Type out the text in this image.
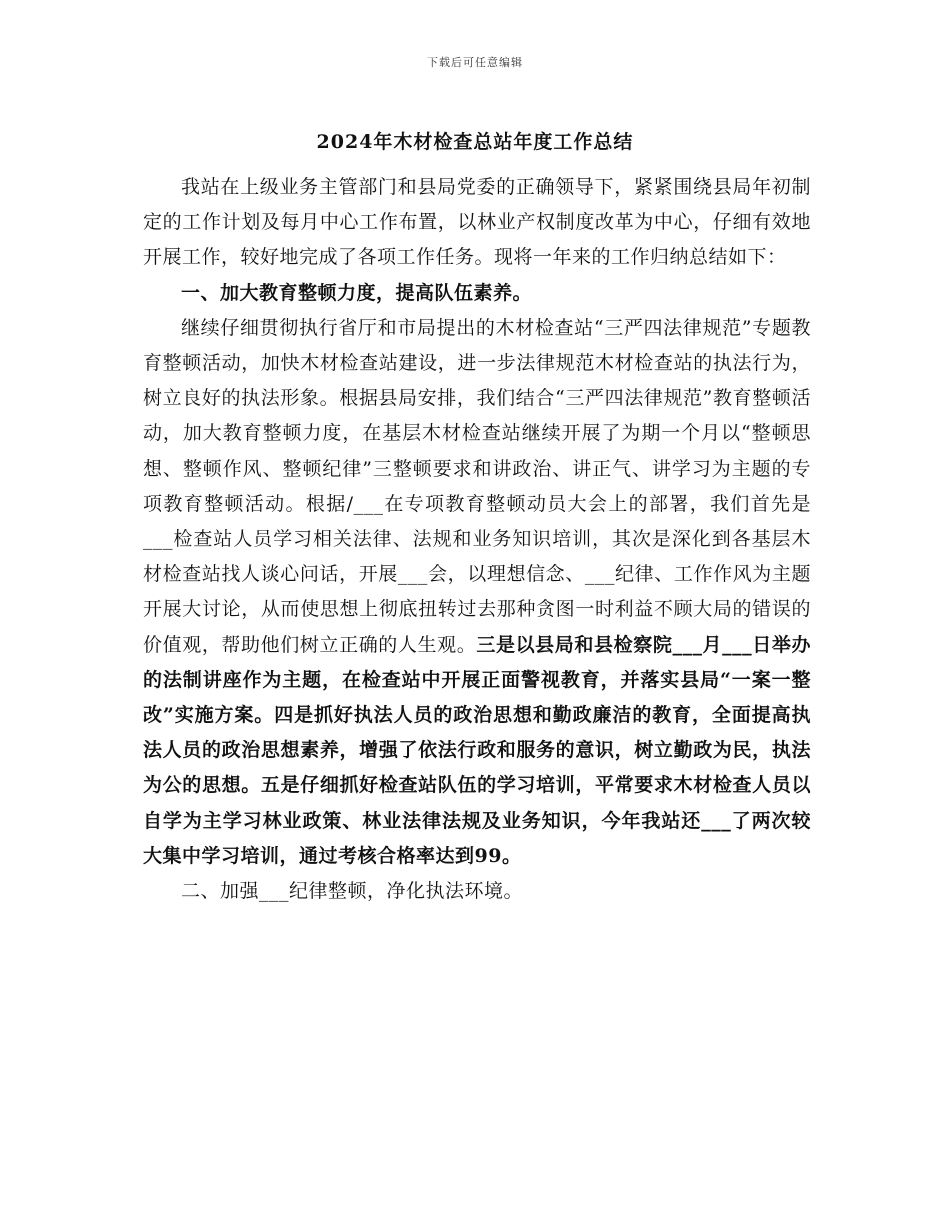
下载后可任意编辑
2024年木材检查总站年度工作总结

我站在上级业务主管部门和县局党委的正确领导下，紧紧围绕县局年初制定的工作计划及每月中心工作布置，以林业产权制度改革为中心，仔细有效地开展工作，较好地完成了各项工作任务。现将一年来的工作归纳总结如下：

一、加大教育整顿力度，提高队伍素养。

继续仔细贯彻执行省厅和市局提出的木材检查站“三严四法律规范”专题教育整顿活动，加快木材检查站建设，进一步法律规范木材检查站的执法行为，树立良好的执法形象。根据县局安排，我们结合“三严四法律规范”教育整顿活动，加大教育整顿力度，在基层木材检查站继续开展了为期一个月以“整顿思想、整顿作风、整顿纪律”三整顿要求和讲政治、讲正气、讲学习为主题的专项教育整顿活动。根据/___在专项教育整顿动员大会上的部署，我们首先是___检查站人员学习相关法律、法规和业务知识培训，其次是深化到各基层木材检查站找人谈心问话，开展___会，以理想信念、___纪律、工作作风为主题开展大讨论，从而使思想上彻底扭转过去那种贪图一时利益不顾大局的错误的价值观，帮助他们树立正确的人生观。三是以县局和县检察院___月___日举办的法制讲座作为主题，在检查站中开展正面警视教育，并落实县局“一案一整改”实施方案。四是抓好执法人员的政治思想和勤政廉洁的教育，全面提高执法人员的政治思想素养，增强了依法行政和服务的意识，树立勤政为民，执法为公的思想。五是仔细抓好检查站队伍的学习培训，平常要求木材检查人员以自学为主学习林业政策、林业法律法规及业务知识，今年我站还___了两次较大集中学习培训，通过考核合格率达到99。

二、加强___纪律整顿，净化执法环境。
